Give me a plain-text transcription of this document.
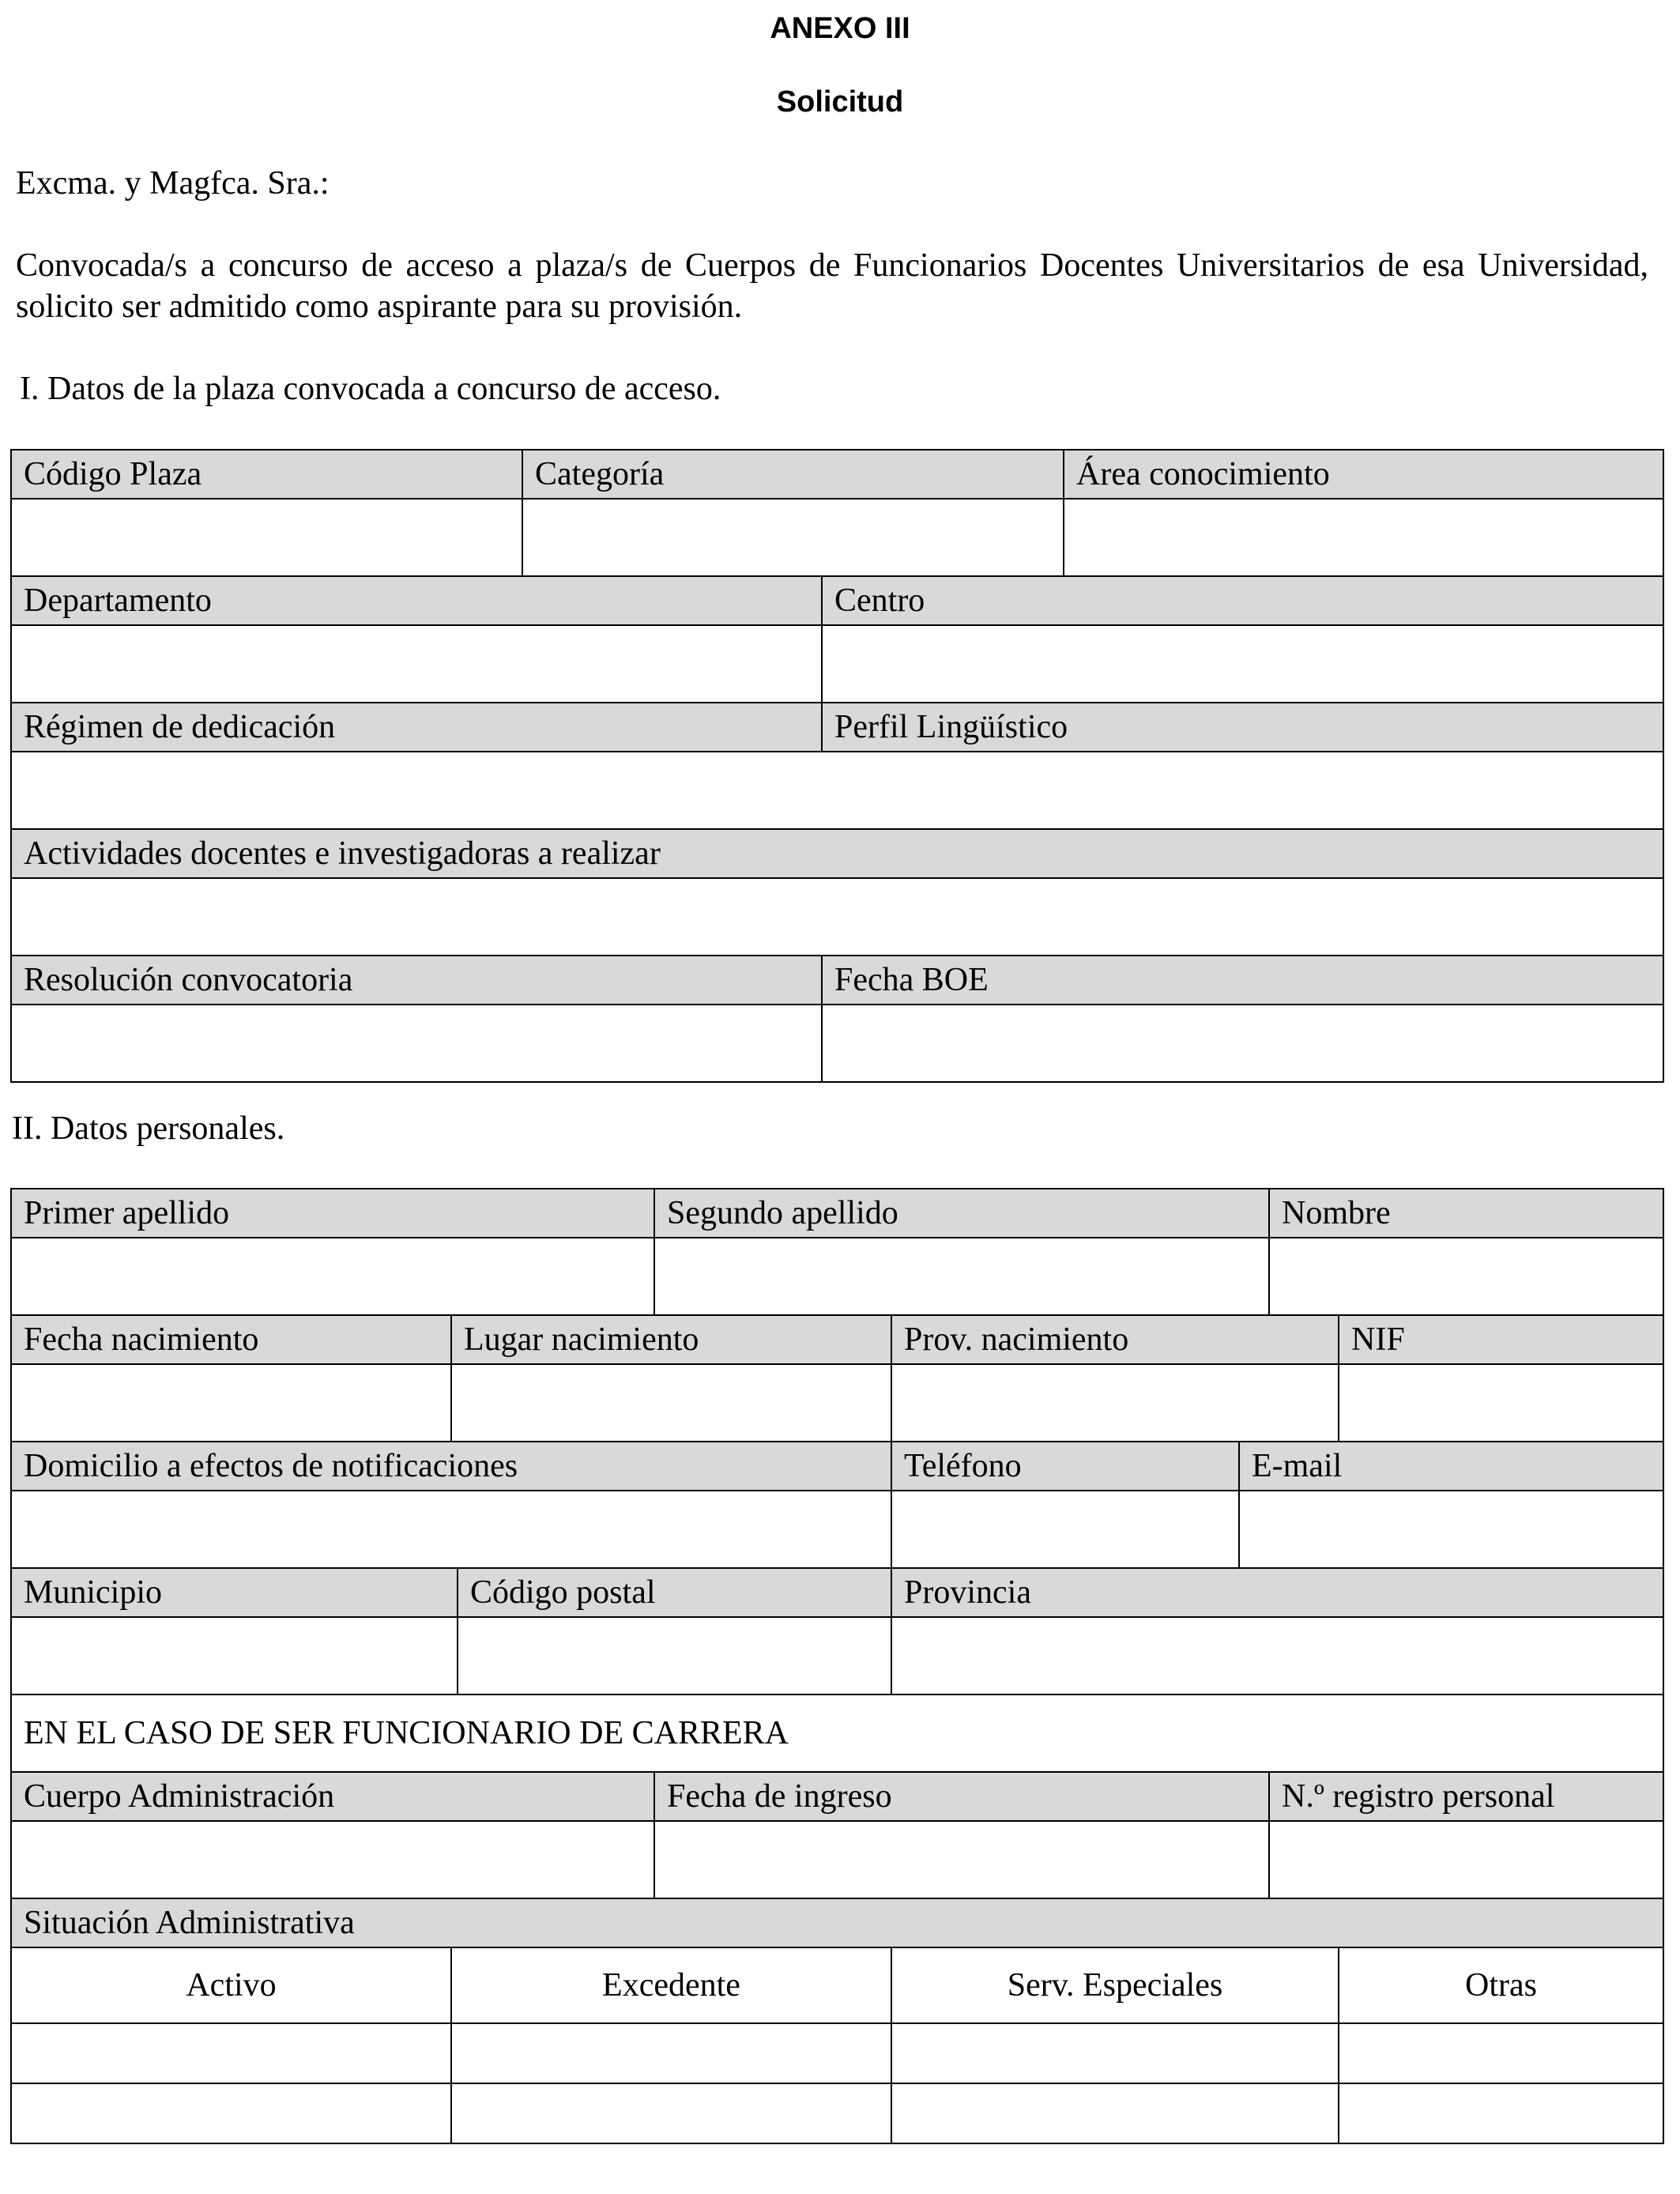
ANEXO III
Solicitud
Excma. y Magfca. Sra.:
Convocada/s a concurso de acceso a plaza/s de Cuerpos de Funcionarios Docentes Universitarios de esa Universidad, solicito ser admitido como aspirante para su provisión.
I. Datos de la plaza convocada a concurso de acceso.
Código Plaza	Categoría	Área conocimiento
Departamento	Centro
Régimen de dedicación	Perfil Lingüístico
Actividades docentes e investigadoras a realizar
Resolución convocatoria	Fecha BOE
II. Datos personales.
Primer apellido	Segundo apellido	Nombre
Fecha nacimiento	Lugar nacimiento	Prov. nacimiento	NIF
Domicilio a efectos de notificaciones	Teléfono	E-mail
Municipio	Código postal	Provincia
EN EL CASO DE SER FUNCIONARIO DE CARRERA
Cuerpo Administración	Fecha de ingreso	N.º registro personal
Situación Administrativa
Activo	Excedente	Serv. Especiales	Otras
